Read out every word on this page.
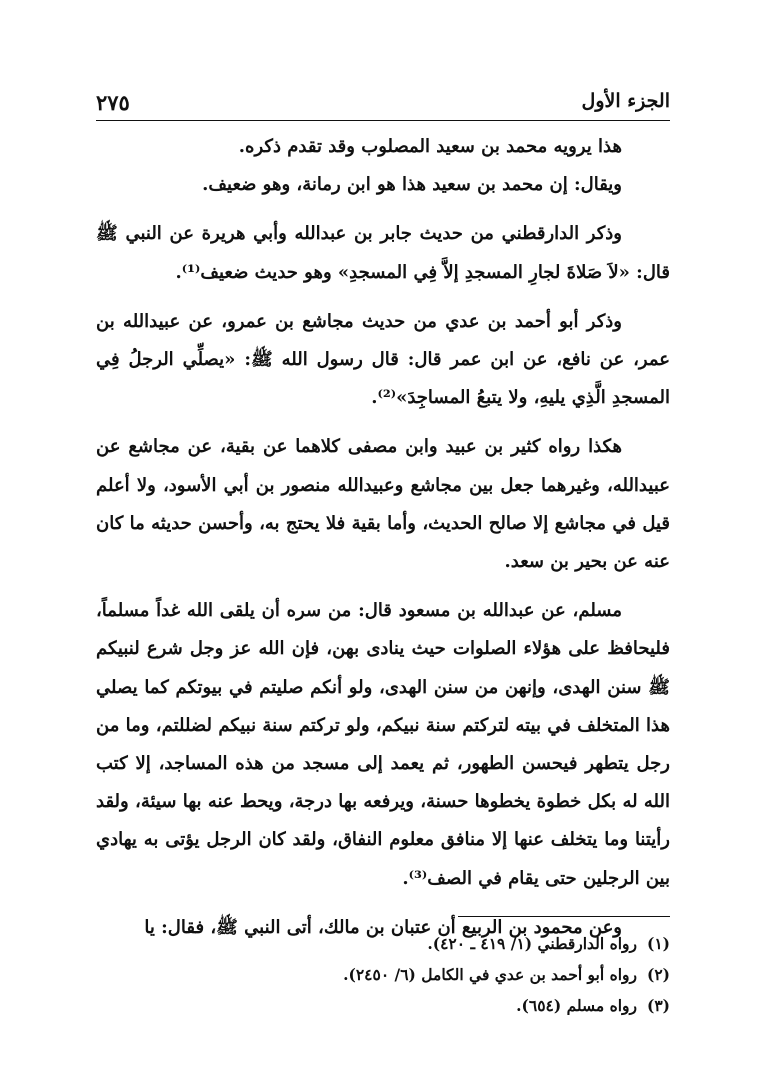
الجزء الأول
٢٧٥

هذا يرويه محمد بن سعيد المصلوب وقد تقدم ذكره.

ويقال: إن محمد بن سعيد هذا هو ابن رمانة، وهو ضعيف.

وذكر الدارقطني من حديث جابر بن عبدالله وأبي هريرة عن النبي ﷺ قال: «لاَ صَلاةَ لجارِ المسجدِ إلاَّ فِي المسجدِ» وهو حديث ضعيف⁽¹⁾.

وذكر أبو أحمد بن عدي من حديث مجاشع بن عمرو، عن عبيدالله بن عمر، عن نافع، عن ابن عمر قال: قال رسول الله ﷺ: «يصلِّي الرجلُ فِي المسجدِ الَّذِي يليهِ، ولا يتبعُ المساجِدَ»⁽²⁾.

هكذا رواه كثير بن عبيد وابن مصفى كلاهما عن بقية، عن مجاشع عن عبيدالله، وغيرهما جعل بين مجاشع وعبيدالله منصور بن أبي الأسود، ولا أعلم قيل في مجاشع إلا صالح الحديث، وأما بقية فلا يحتج به، وأحسن حديثه ما كان عنه عن بحير بن سعد.

مسلم، عن عبدالله بن مسعود قال: من سره أن يلقى الله غداً مسلماً، فليحافظ على هؤلاء الصلوات حيث ينادى بهن، فإن الله عز وجل شرع لنبيكم ﷺ سنن الهدى، وإنهن من سنن الهدى، ولو أنكم صليتم في بيوتكم كما يصلي هذا المتخلف في بيته لتركتم سنة نبيكم، ولو تركتم سنة نبيكم لضللتم، وما من رجل يتطهر فيحسن الطهور، ثم يعمد إلى مسجد من هذه المساجد، إلا كتب الله له بكل خطوة يخطوها حسنة، ويرفعه بها درجة، ويحط عنه بها سيئة، ولقد رأيتنا وما يتخلف عنها إلا منافق معلوم النفاق، ولقد كان الرجل يؤتى به يهادي بين الرجلين حتى يقام في الصف⁽³⁾.

وعن محمود بن الربيع أن عتبان بن مالك، أتى النبي ﷺ، فقال: يا

(١)
رواه الدارقطني (١/ ٤١٩ ـ ٤٢٠).
(٢)
رواه أبو أحمد بن عدي في الكامل (٦/ ٢٤٥٠).
(٣)
رواه مسلم (٦٥٤).
